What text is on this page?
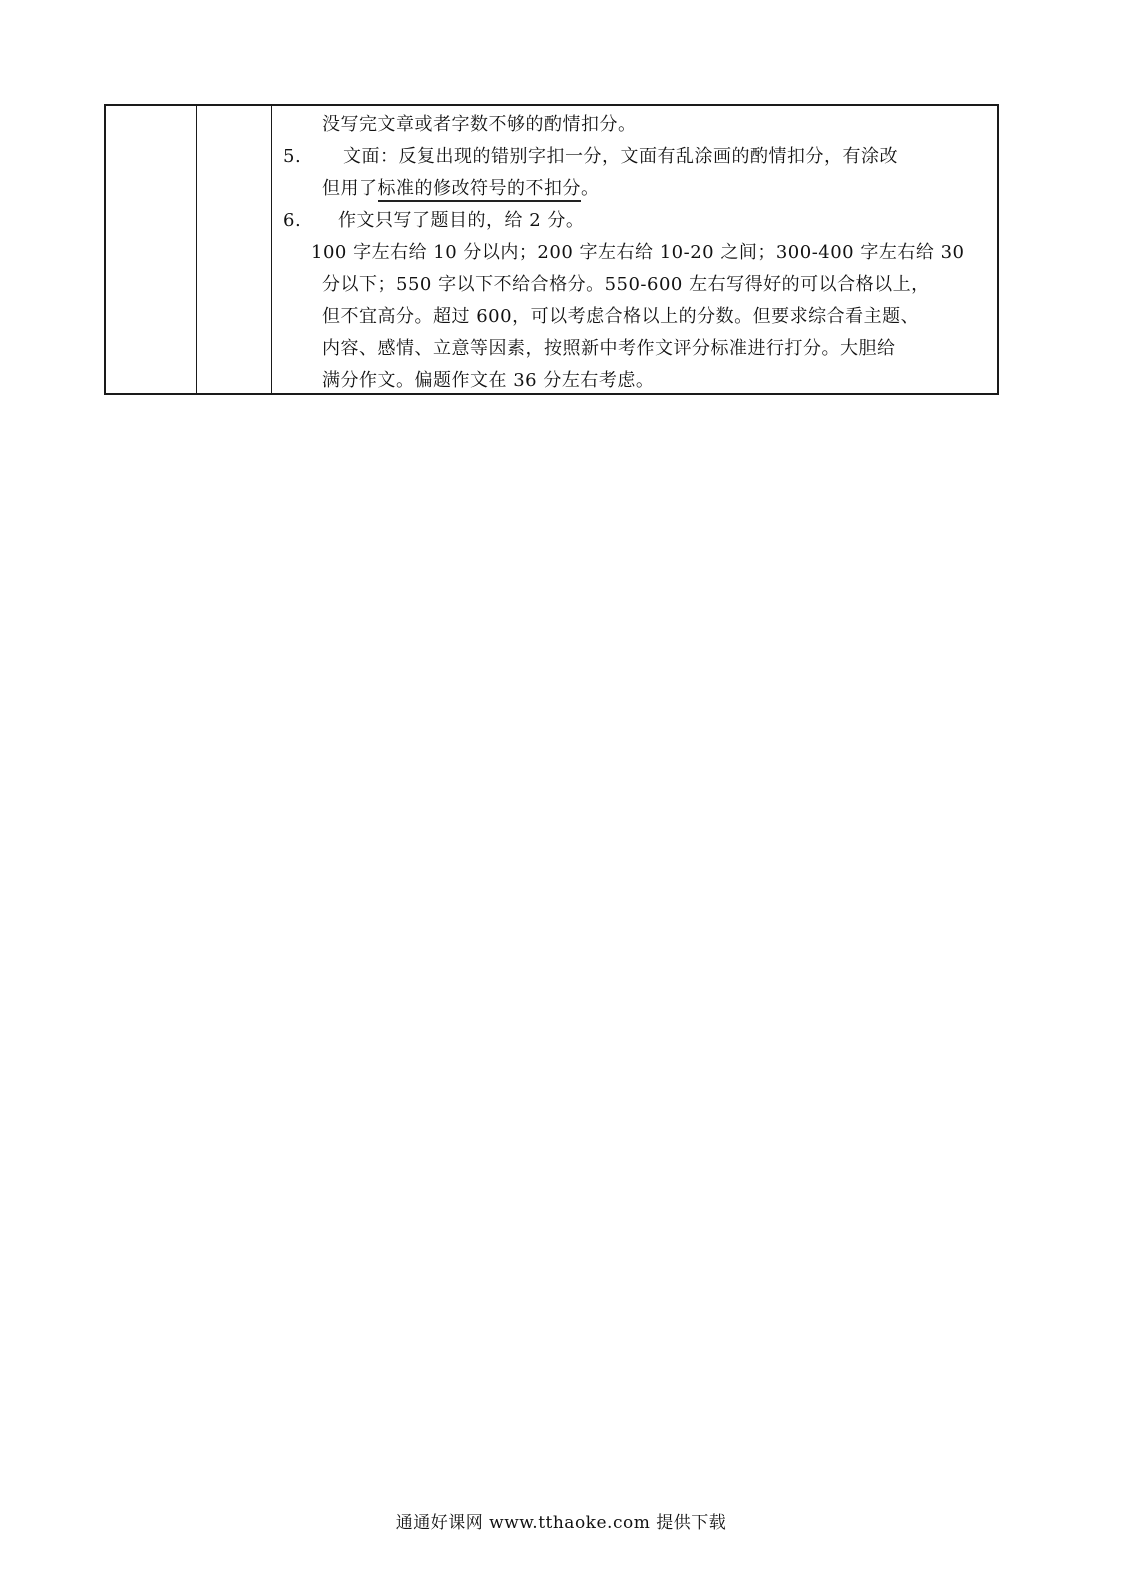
没写完文章或者字数不够的酌情扣分。
5. 文面：反复出现的错别字扣一分，文面有乱涂画的酌情扣分，有涂改
但用了标准的修改符号的不扣分。
6. 作文只写了题目的，给 2 分。
100 字左右给 10 分以内；200 字左右给 10-20 之间；300-400 字左右给 30
分以下；550 字以下不给合格分。550-600 左右写得好的可以合格以上，
但不宜高分。超过 600，可以考虑合格以上的分数。但要求综合看主题、
内容、感情、立意等因素，按照新中考作文评分标准进行打分。大胆给
满分作文。偏题作文在 36 分左右考虑。
通通好课网 www.tthaoke.com 提供下载
